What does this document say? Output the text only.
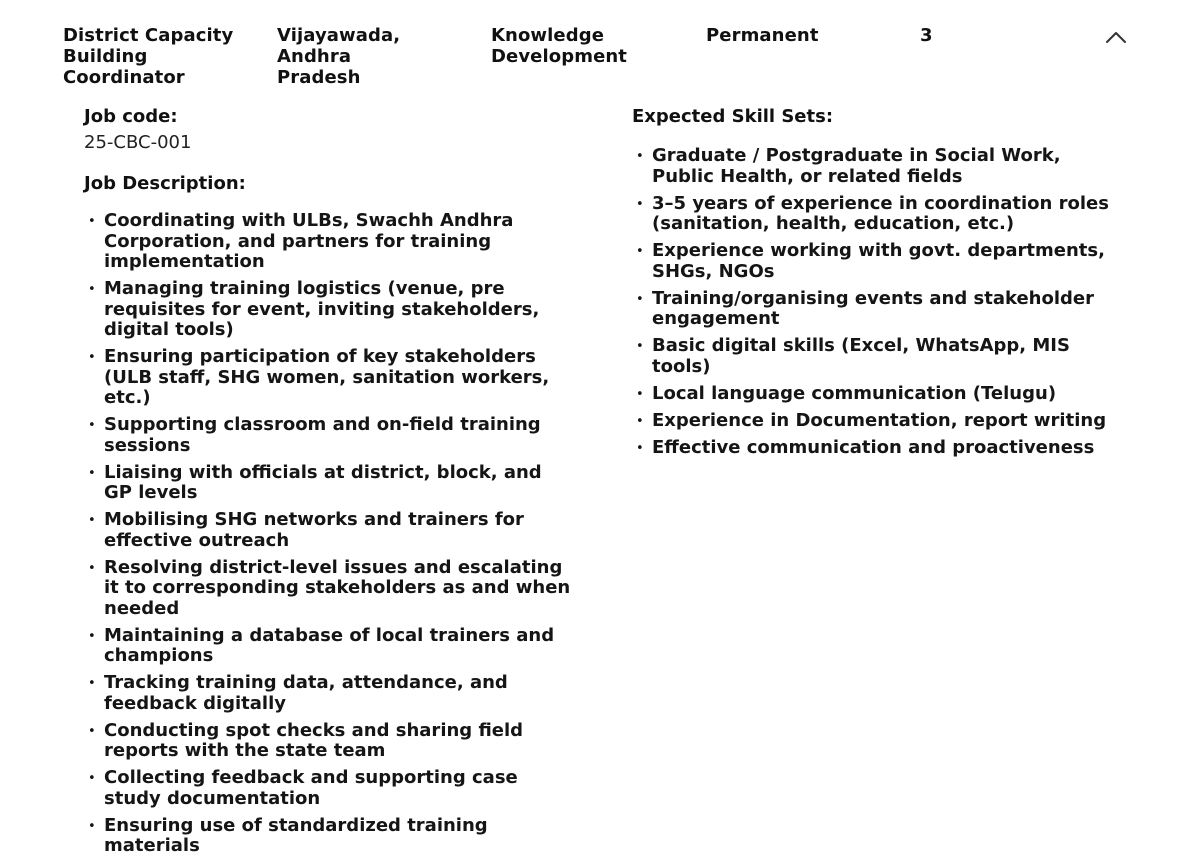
District Capacity
Building Coordinator
Vijayawada, Andhra
Pradesh
Knowledge
Development
Permanent	3

Job code:

25-CBC-001

Job Description:

• Coordinating with ULBs, Swachh Andhra Corporation, and partners for training implementation
• Managing training logistics (venue, pre requisites for event, inviting stakeholders, digital tools)
• Ensuring participation of key stakeholders (ULB staff, SHG women, sanitation workers, etc.)
• Supporting classroom and on-field training sessions
• Liaising with officials at district, block, and GP levels
• Mobilising SHG networks and trainers for effective outreach
• Resolving district-level issues and escalating it to corresponding stakeholders as and when needed
• Maintaining a database of local trainers and champions
• Tracking training data, attendance, and feedback digitally
• Conducting spot checks and sharing field reports with the state team
• Collecting feedback and supporting case study documentation
• Ensuring use of standardized training materials

Expected Skill Sets:

• Graduate / Postgraduate in Social Work, Public Health, or related fields
• 3–5 years of experience in coordination roles (sanitation, health, education, etc.)
• Experience working with govt. departments, SHGs, NGOs
• Training/organising events and stakeholder engagement
• Basic digital skills (Excel, WhatsApp, MIS tools)
• Local language communication (Telugu)
• Experience in Documentation, report writing
• Effective communication and proactiveness
